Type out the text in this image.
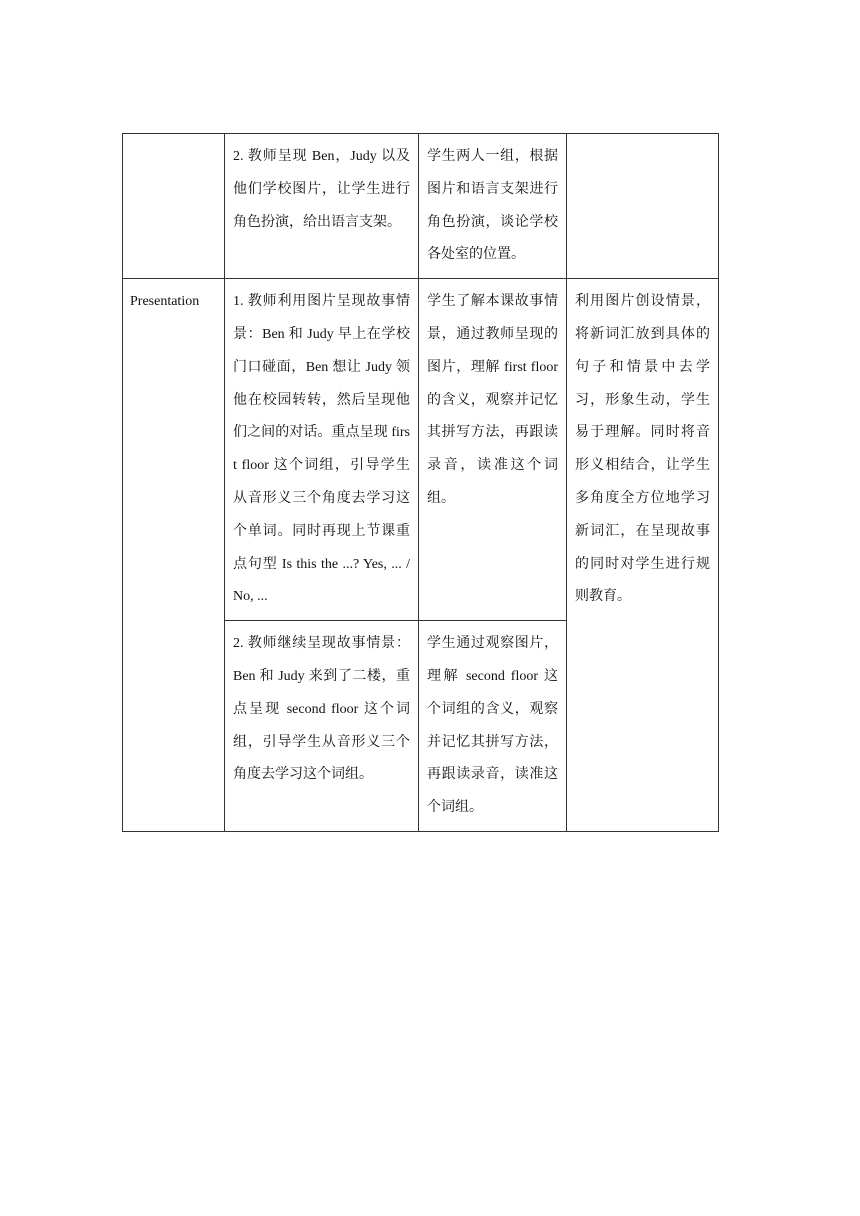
	2. 教师呈现 Ben，Judy 以及他们学校图片，让学生进行角色扮演，给出语言支架。	学生两人一组，根据图片和语言支架进行角色扮演，谈论学校各处室的位置。	
Presentation	1. 教师利用图片呈现故事情景：Ben 和 Judy 早上在学校门口碰面，Ben 想让 Judy 领他在校园转转，然后呈现他们之间的对话。重点呈现 first floor 这个词组，引导学生从音形义三个角度去学习这个单词。同时再现上节课重点句型 Is this the ...? Yes, ... / No, ...	学生了解本课故事情景，通过教师呈现的图片，理解 first floor 的含义，观察并记忆其拼写方法，再跟读录音，读准这个词组。	利用图片创设情景，将新词汇放到具体的句子和情景中去学习，形象生动，学生易于理解。同时将音形义相结合，让学生多角度全方位地学习新词汇，在呈现故事的同时对学生进行规则教育。
	2. 教师继续呈现故事情景：Ben 和 Judy 来到了二楼，重点呈现 second floor 这个词组，引导学生从音形义三个角度去学习这个词组。	学生通过观察图片，理解 second floor 这个词组的含义，观察并记忆其拼写方法，再跟读录音，读准这个词组。	
